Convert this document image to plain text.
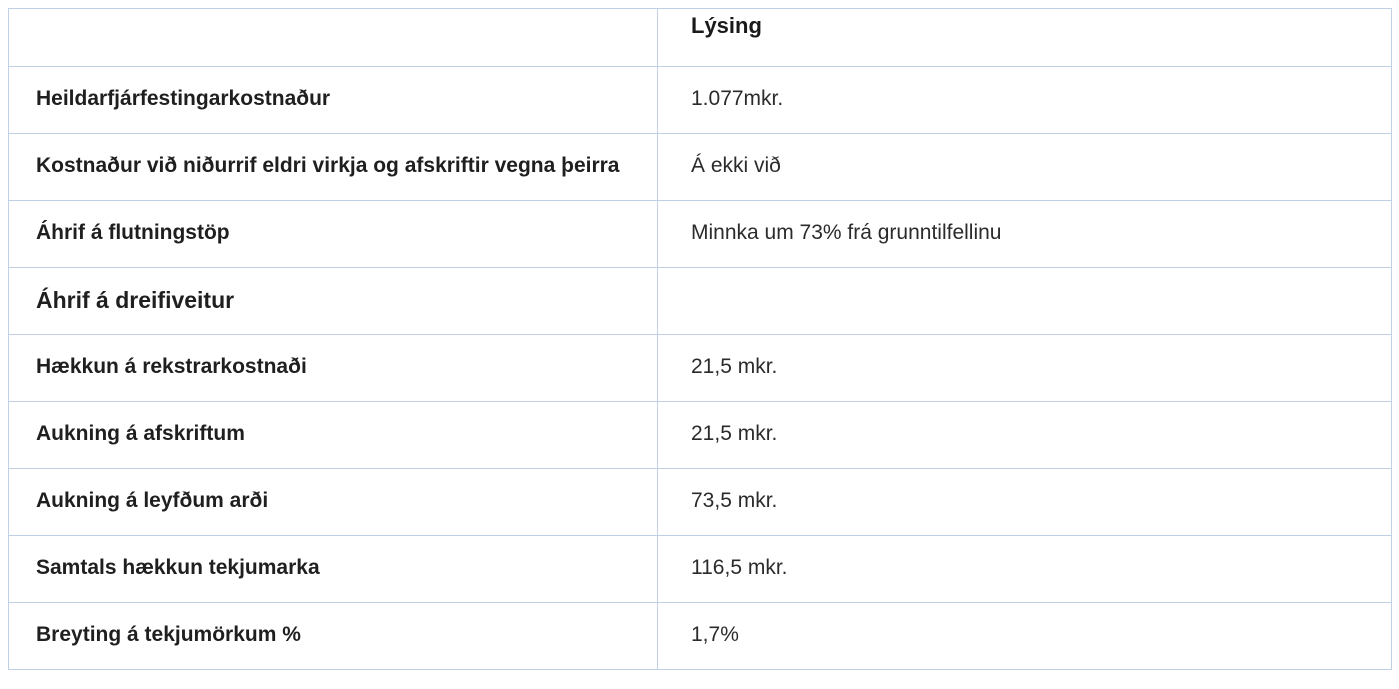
	Lýsing
Heildarfjárfestingarkostnaður	1.077mkr.
Kostnaður við niðurrif eldri virkja og afskriftir vegna þeirra	Á ekki við
Áhrif á flutningstöp	Minnka um 73% frá grunntilfellinu
Áhrif á dreifiveitur	
Hækkun á rekstrarkostnaði	21,5 mkr.
Aukning á afskriftum	21,5 mkr.
Aukning á leyfðum arði	73,5 mkr.
Samtals hækkun tekjumarka	116,5 mkr.
Breyting á tekjumörkum %	1,7%
